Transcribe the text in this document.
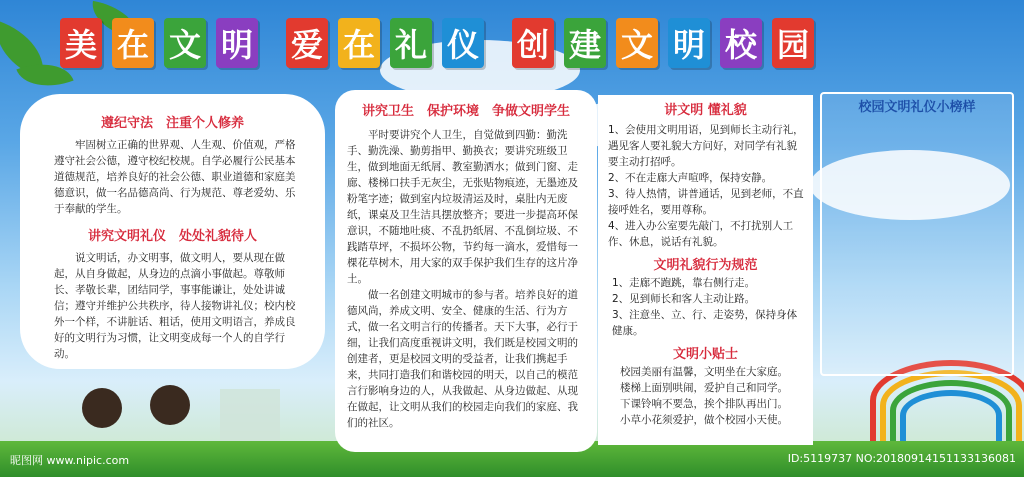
美 在 文 明 爱 在 礼 仪 创 建 文 明 校 园
遵纪守法　注重个人修养
牢固树立正确的世界观、人生观、价值观，严格遵守社会公德，遵守校纪校规。自学必履行公民基本道德规范，培养良好的社会公德、职业道德和家庭美德意识，做一名品德高尚、行为规范、尊老爱幼、乐于奉献的学生。
讲究文明礼仪　处处礼貌待人
说文明话，办文明事，做文明人，要从现在做起，从自身做起，从身边的点滴小事做起。尊敬师长、孝敬长辈，团结同学，事事能谦让，处处讲诚信；遵守并维护公共秩序，待人接物讲礼仪；校内校外一个样，不讲脏话、粗话，使用文明语言，养成良好的文明行为习惯，让文明变成每一个人的自学行动。
讲究卫生　保护环境　争做文明学生
平时要讲究个人卫生，自觉做到四勤：勤洗手、勤洗澡、勤剪指甲、勤换衣；要讲究班级卫生，做到地面无纸屑、教室勤洒水；做到门窗、走廊、楼梯口扶手无灰尘，无张贴物痕迹，无墨迹及粉笔字迹；做到室内垃圾清运及时，桌肚内无废纸，课桌及卫生洁具摆放整齐；要进一步提高环保意识，不随地吐痰、不乱扔纸屑、不乱倒垃圾、不践踏草坪，不损坏公物，节约每一滴水，爱惜每一棵花草树木，用大家的双手保护我们生存的这片净土。
做一名创建文明城市的参与者。培养良好的道德风尚，养成文明、安全、健康的生活、行为方式，做一名文明言行的传播者。天下大事，必行于细，让我们高度重视讲文明，我们既是校园文明的创建者，更是校园文明的受益者，让我们携起手来，共同打造我们和谐校园的明天，以自己的模范言行影响身边的人，从我做起、从身边做起、从现在做起，让文明从我们的校园走向我们的家庭、我们的社区。
讲文明 懂礼貌

1、会使用文明用语，见到师长主动行礼，遇见客人要礼貌大方问好，对同学有礼貌要主动打招呼。

2、不在走廊大声喧哗，保持安静。

3、待人热情，讲普通话，见到老师，不直接呼姓名，要用尊称。

4、进入办公室要先敲门，不打扰别人工作、休息，说话有礼貌。

文明礼貌行为规范

1、走廊不跑跳，靠右侧行走。

2、见到师长和客人主动让路。

3、注意坐、立、行、走姿势，保持身体健康。

文明小贴士

校园美丽有温馨，文明坐在大家庭。

楼梯上面别哄闹，爱护自己和同学。

下课铃响不要急，挨个排队再出门。

小草小花须爱护，做个校园小天使。

校园文明礼仪小榜样
昵图网 www.nipic.com	ID:5119737 NO:20180914151133136081
